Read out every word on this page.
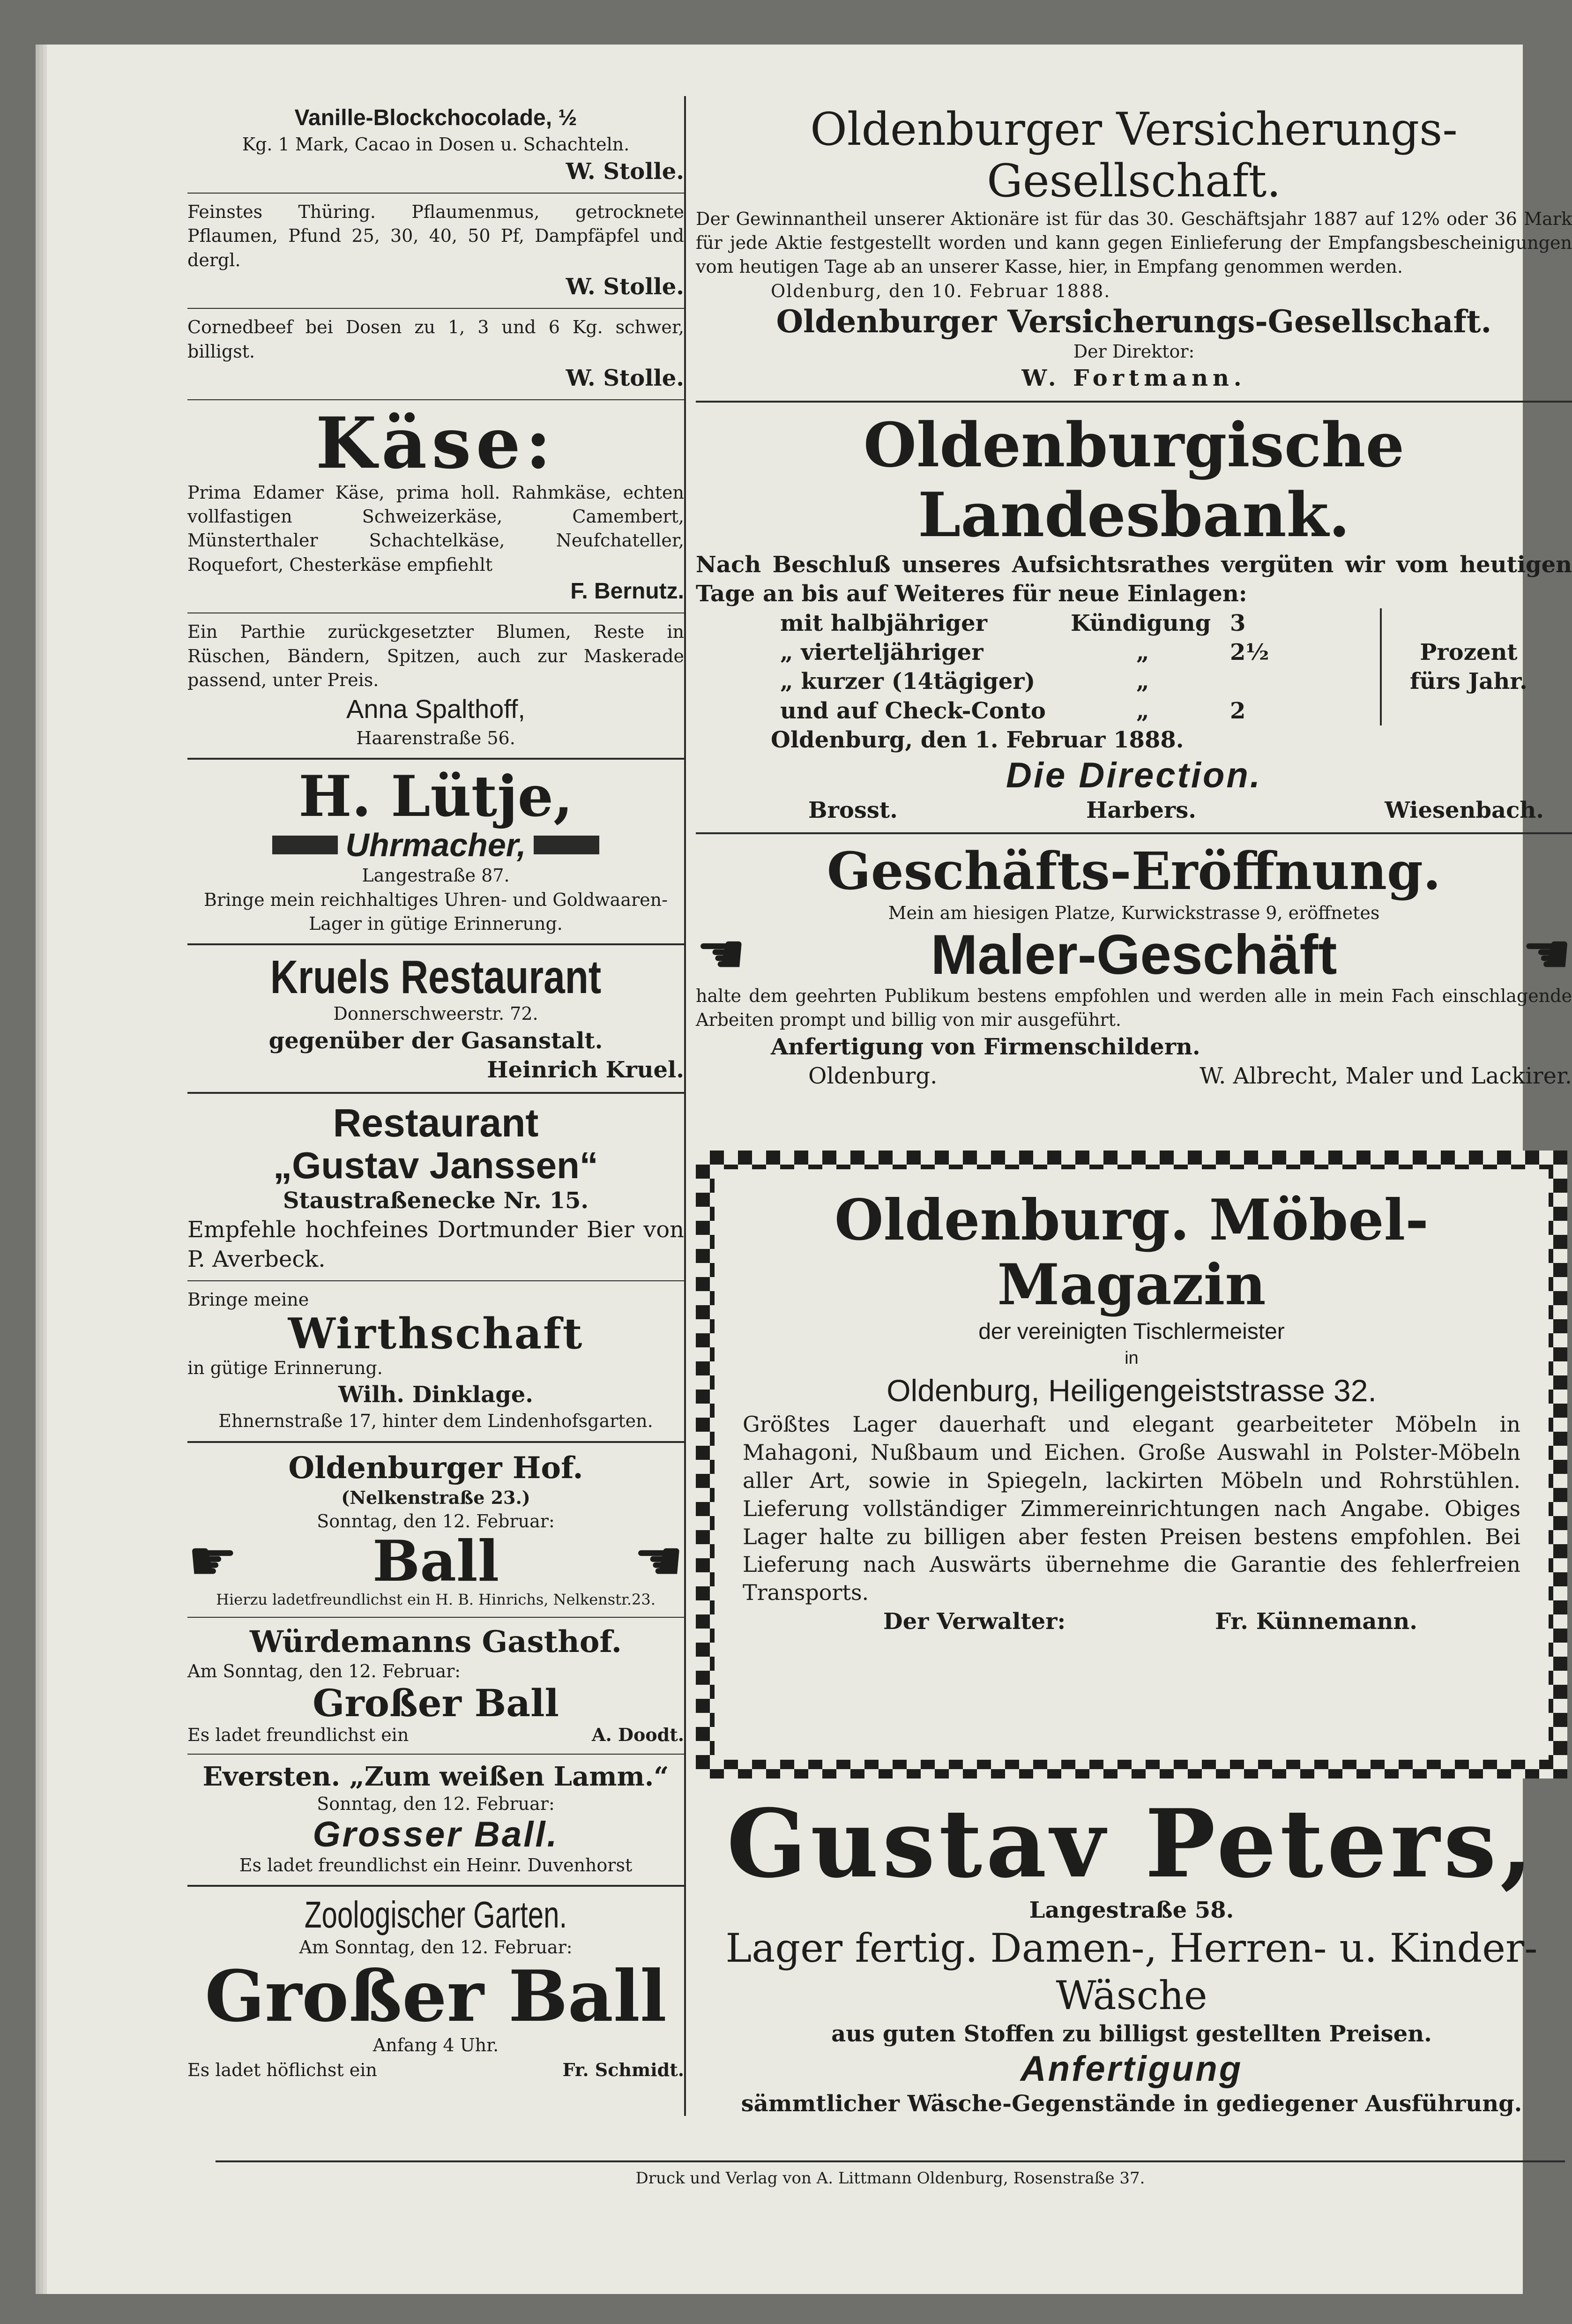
Vanille-Blockchocolade, ½
Kg. 1 Mark, Cacao in Dosen u. Schachteln.
W. Stolle.
Feinstes Thüring. Pflaumenmus, getrocknete Pflaumen, Pfund 25, 30, 40, 50 Pf, Dampfäpfel und dergl.
W. Stolle.
Cornedbeef bei Dosen zu 1, 3 und 6 Kg. schwer, billigst.
W. Stolle.
Käse:
Prima Edamer Käse, prima holl. Rahmkäse, echten vollfastigen Schweizerkäse, Camembert, Münsterthaler Schachtelkäse, Neufchateller, Roquefort, Chesterkäse empfiehlt
F. Bernutz.
Ein Parthie zurückgesetzter Blumen, Reste in Rüschen, Bändern, Spitzen, auch zur Maskerade passend, unter Preis.
Anna Spalthoff,
Haarenstraße 56.
H. Lütje,
Uhrmacher,
Langestraße 87.
Bringe mein reichhaltiges Uhren- und Goldwaaren-Lager in gütige Erinnerung.
Kruels Restaurant
Donnerschweerstr. 72.
gegenüber der Gasanstalt.
Heinrich Kruel.
Restaurant
„Gustav Janssen“
Staustraßenecke Nr. 15.
Empfehle hochfeines Dortmunder Bier von P. Averbeck.
Bringe meine
Wirthschaft
in gütige Erinnerung.
Wilh. Dinklage.
Ehnernstraße 17, hinter dem Lindenhofsgarten.
Oldenburger Hof.
(Nelkenstraße 23.)
Sonntag, den 12. Februar:
☛ Ball ☛
Hierzu ladetfreundlichst ein H. B. Hinrichs, Nelkenstr.23.
Würdemanns Gasthof.
Am Sonntag, den 12. Februar:
Großer Ball
Es ladet freundlichst ein	A. Doodt.
Eversten. „Zum weißen Lamm.“
Sonntag, den 12. Februar:
Grosser Ball.
Es ladet freundlichst ein Heinr. Duvenhorst
Zoologischer Garten.
Am Sonntag, den 12. Februar:
Großer Ball
Anfang 4 Uhr.
Es ladet höflichst ein	Fr. Schmidt.
Oldenburger Versicherungs-Gesellschaft.
Der Gewinnantheil unserer Aktionäre ist für das 30. Geschäftsjahr 1887 auf 12% oder 36 Mark für jede Aktie festgestellt worden und kann gegen Einlieferung der Empfangsbescheinigungen vom heutigen Tage ab an unserer Kasse, hier, in Empfang genommen werden.
Oldenburg, den 10. Februar 1888.
Oldenburger Versicherungs-Gesellschaft.
Der Direktor:
W. Fortmann.
Oldenburgische Landesbank.
Nach Beschluß unseres Aufsichtsrathes vergüten wir vom heutigen Tage an bis auf Weiteres für neue Einlagen:
mit halbjähriger	Kündigung 3
„ vierteljähriger	„	2½
„ kurzer (14tägiger)	„
und auf Check-Conto	„	2
Prozent
fürs Jahr.
Oldenburg, den 1. Februar 1888.
Die Direction.
Brosst.	Harbers.	Wiesenbach.
Geschäfts-Eröffnung.
Mein am hiesigen Platze, Kurwickstrasse 9, eröffnetes
☛	Maler-Geschäft	☚
halte dem geehrten Publikum bestens empfohlen und werden alle in mein Fach einschlagende Arbeiten prompt und billig von mir ausgeführt.
Anfertigung von Firmenschildern.
Oldenburg.	W. Albrecht, Maler und Lackirer.
Oldenburg. Möbel-Magazin
der vereinigten Tischlermeister
in
Oldenburg, Heiligengeiststrasse 32.
Größtes Lager dauerhaft und elegant gearbeiteter Möbeln in Mahagoni, Nußbaum und Eichen. Große Auswahl in Polster-Möbeln aller Art, sowie in Spiegeln, lackirten Möbeln und Rohrstühlen. Lieferung vollständiger Zimmereinrichtungen nach Angabe. Obiges Lager halte zu billigen aber festen Preisen bestens empfohlen. Bei Lieferung nach Auswärts übernehme die Garantie des fehlerfreien Transports.
Der Verwalter:	Fr. Künnemann.
Gustav Peters,
Langestraße 58.
Lager fertig. Damen-, Herren- u. Kinder-Wäsche
aus guten Stoffen zu billigst gestellten Preisen.
Anfertigung
sämmtlicher Wäsche-Gegenstände in gediegener Ausführung.
Druck und Verlag von A. Littmann Oldenburg, Rosenstraße 37.
